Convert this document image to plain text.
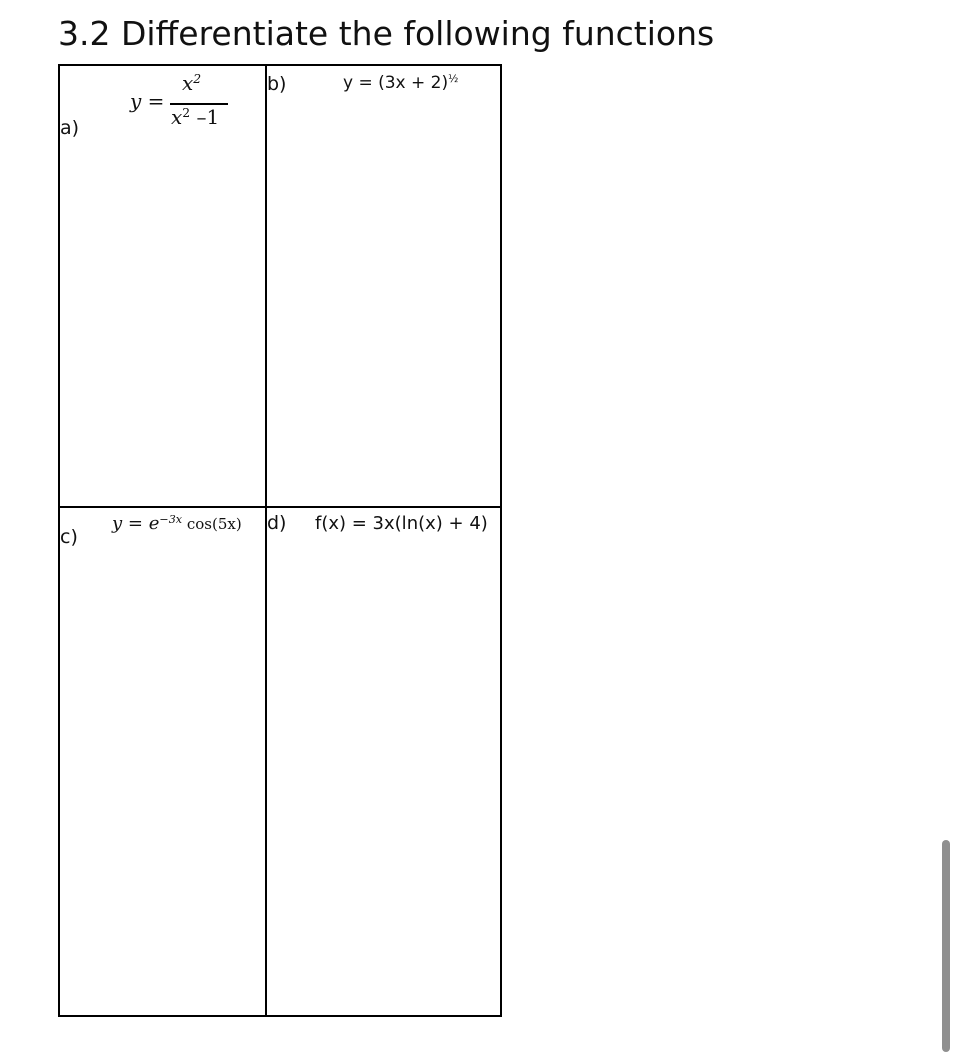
3.2 Differentiate the following functions
a)
y =
$x^2$
$x^2$ –1
b)	$y = (3x + 2)^{\frac{1}{2}}$
c)
$y = e^{-3x}$ cos(5x) d) f(x) = 3x(ln(x) + 4)
